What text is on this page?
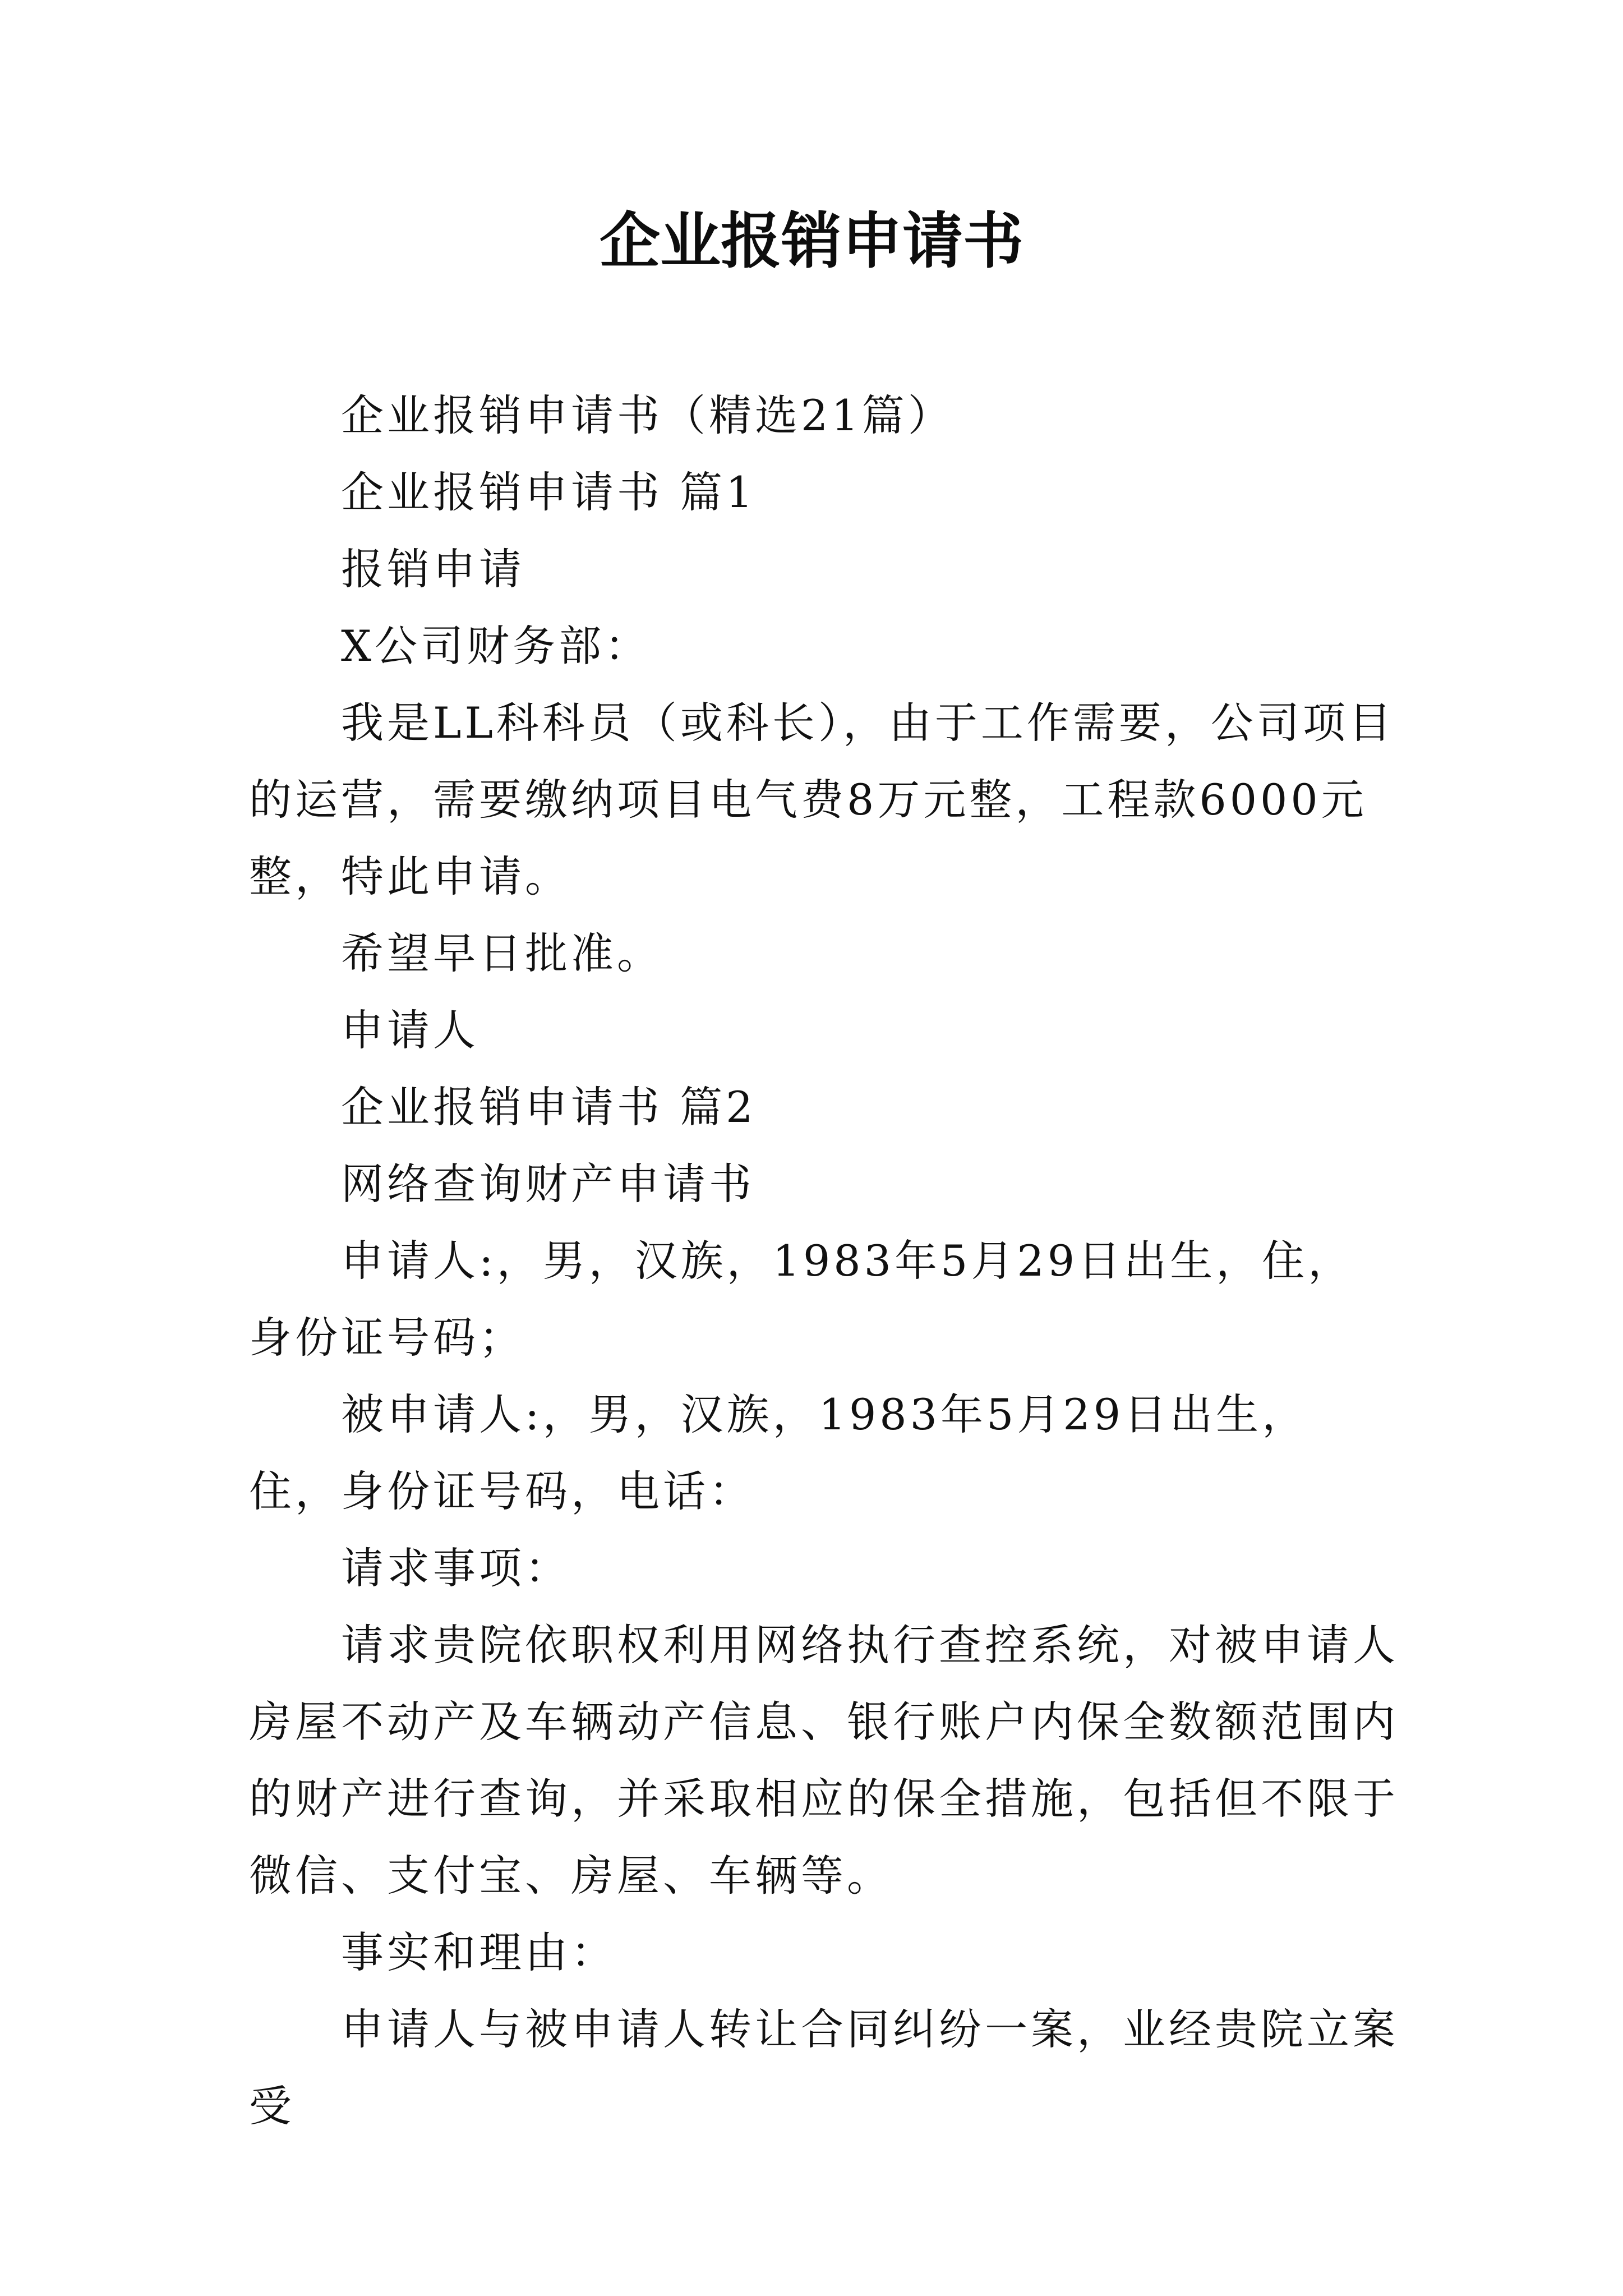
企业报销申请书

企业报销申请书（精选21篇）

企业报销申请书 篇1

报销申请

X公司财务部：

我是LL科科员（或科长），由于工作需要，公司项目的运营，需要缴纳项目电气费8万元整，工程款6000元整，特此申请。

希望早日批准。

申请人

企业报销申请书 篇2

网络查询财产申请书

申请人:，男，汉族，1983年5月29日出生，住，身份证号码；

被申请人:，男，汉族，1983年5月29日出生，住，身份证号码，电话：

请求事项：

请求贵院依职权利用网络执行查控系统，对被申请人房屋不动产及车辆动产信息、银行账户内保全数额范围内的财产进行查询，并采取相应的保全措施，包括但不限于微信、支付宝、房屋、车辆等。

事实和理由：

申请人与被申请人转让合同纠纷一案，业经贵院立案受
